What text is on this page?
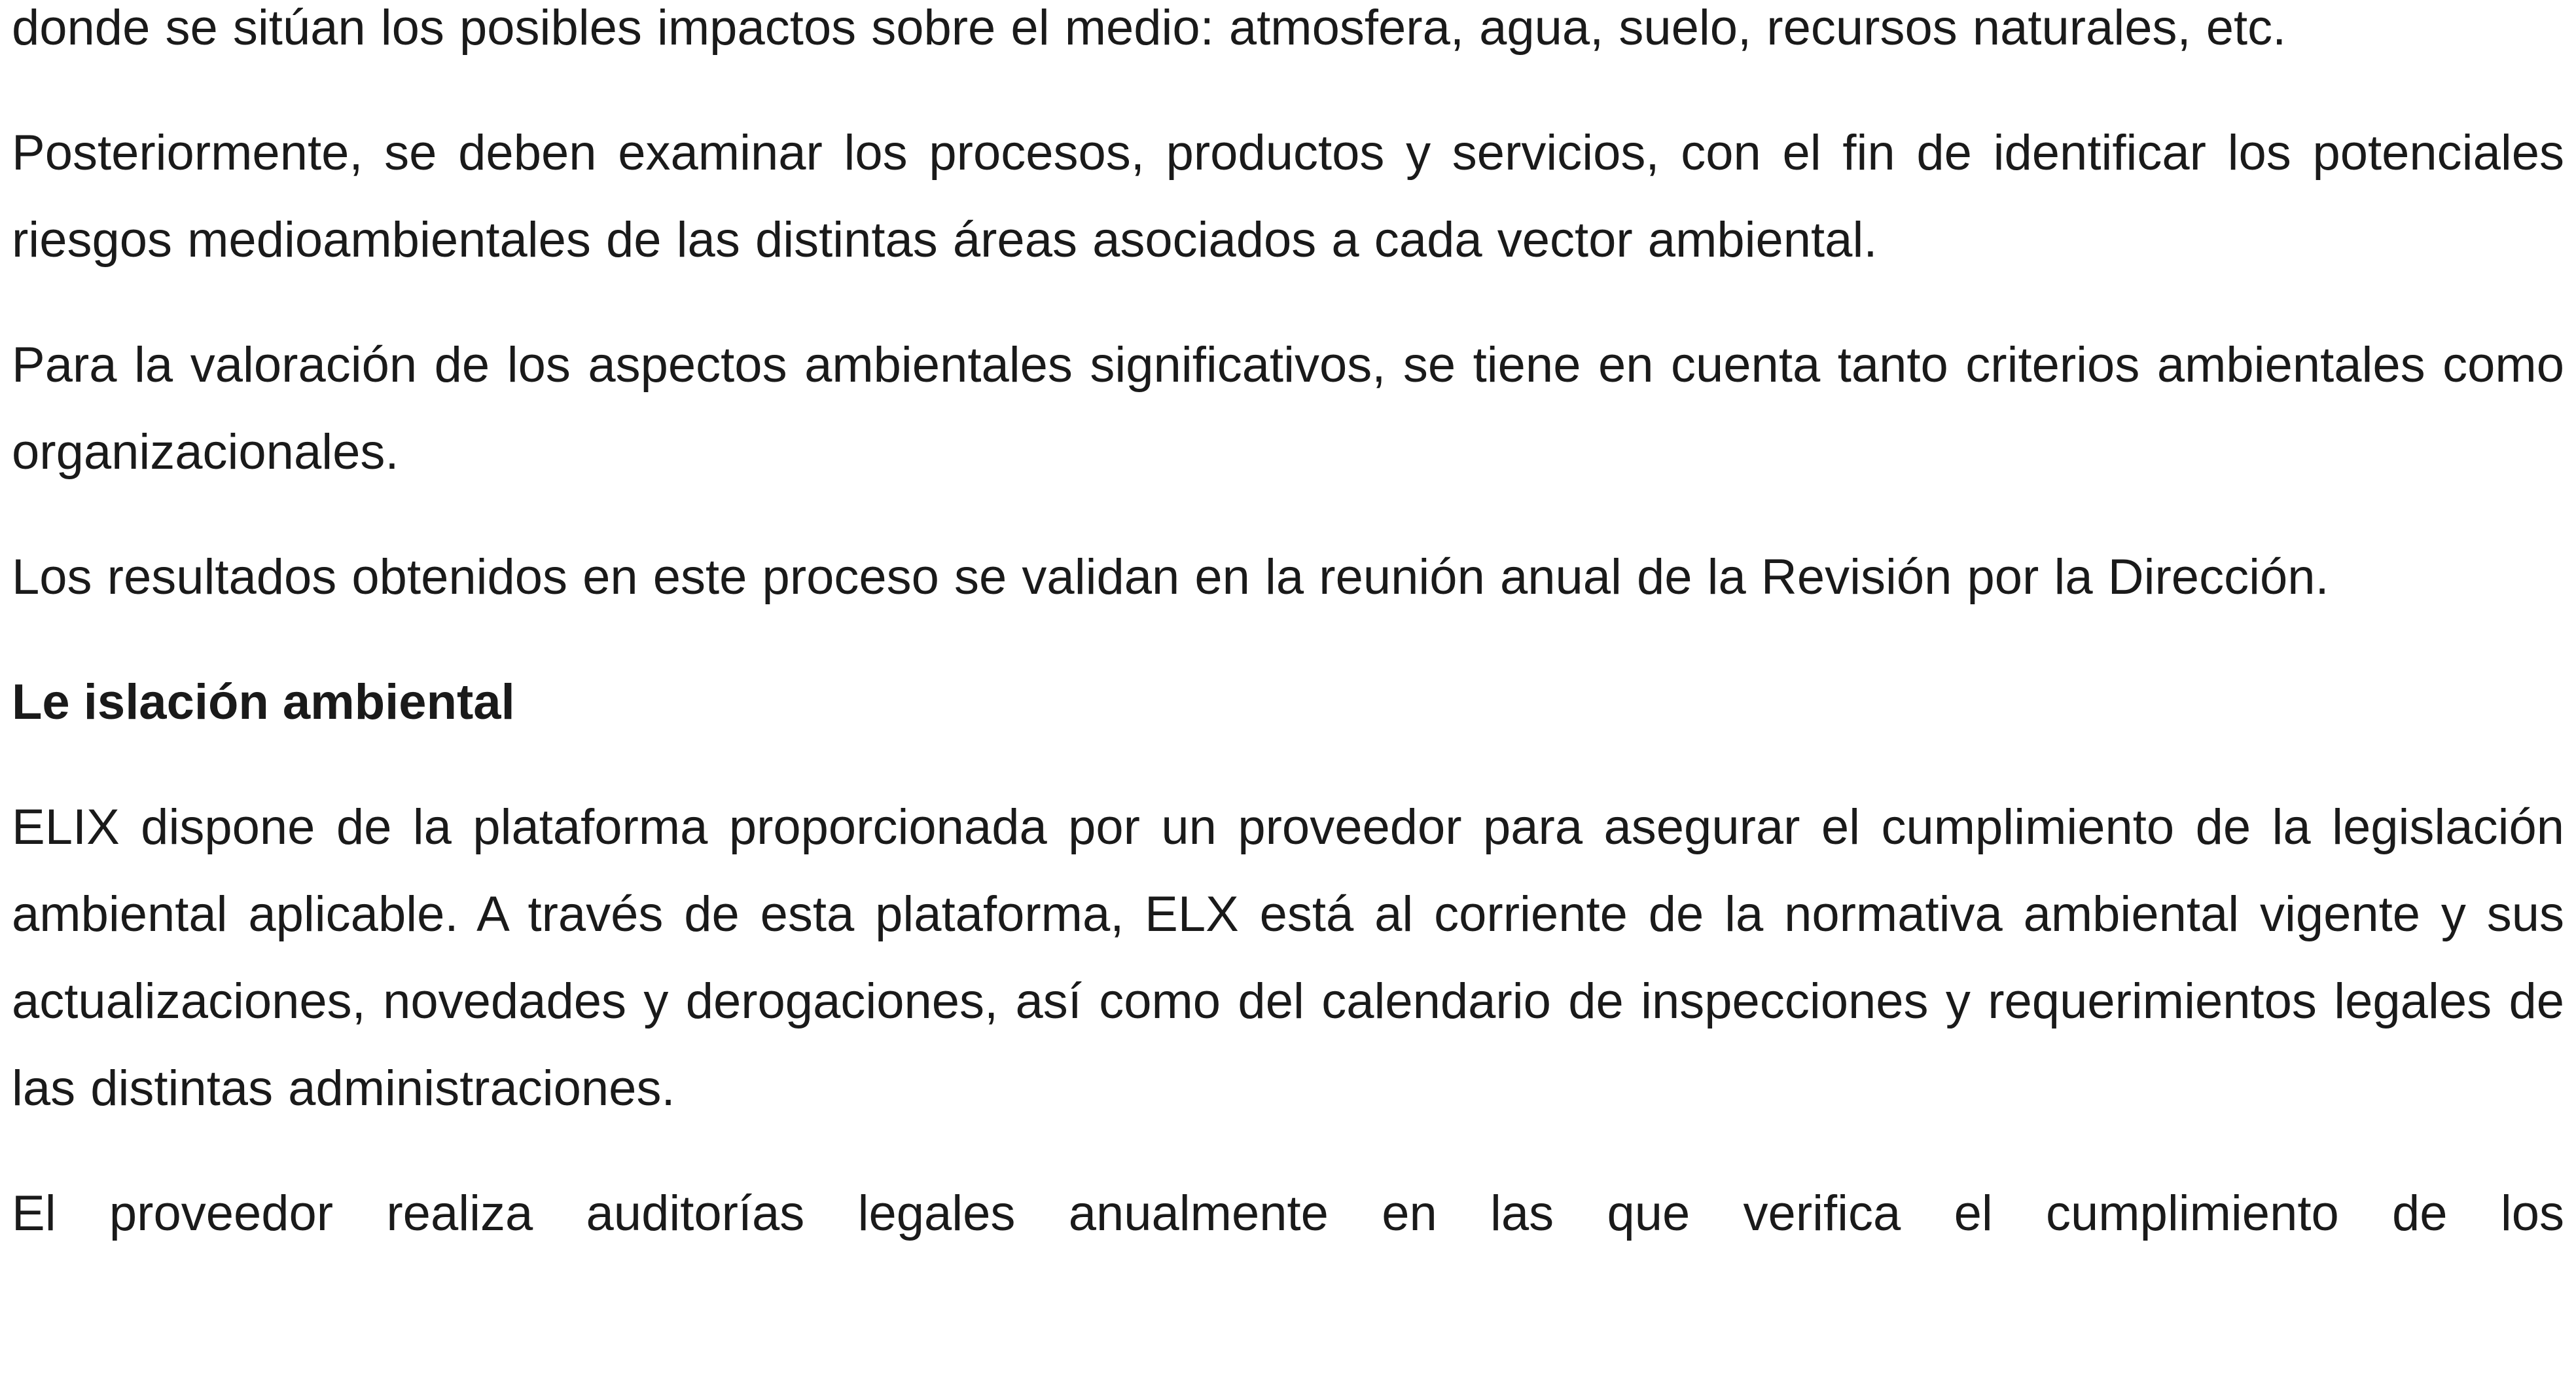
donde se sitúan los posibles impactos sobre el medio: atmosfera, agua, suelo, recursos naturales, etc.

Posteriormente, se deben examinar los procesos, productos y servicios, con el fin de identificar los potenciales riesgos medioambientales de las distintas áreas asociados a cada vector ambiental.

Para la valoración de los aspectos ambientales significativos, se tiene en cuenta tanto criterios ambientales como organizacionales.

Los resultados obtenidos en este proceso se validan en la reunión anual de la Revisión por la Dirección.

Le islación ambiental

ELIX dispone de la plataforma proporcionada por un proveedor para asegurar el cumplimiento de la legislación ambiental aplicable. A través de esta plataforma, ELX está al corriente de la normativa ambiental vigente y sus actualizaciones, novedades y derogaciones, así como del calendario de inspecciones y requerimientos legales de las distintas administraciones.

El proveedor realiza auditorías legales anualmente en las que verifica el cumplimiento de los
